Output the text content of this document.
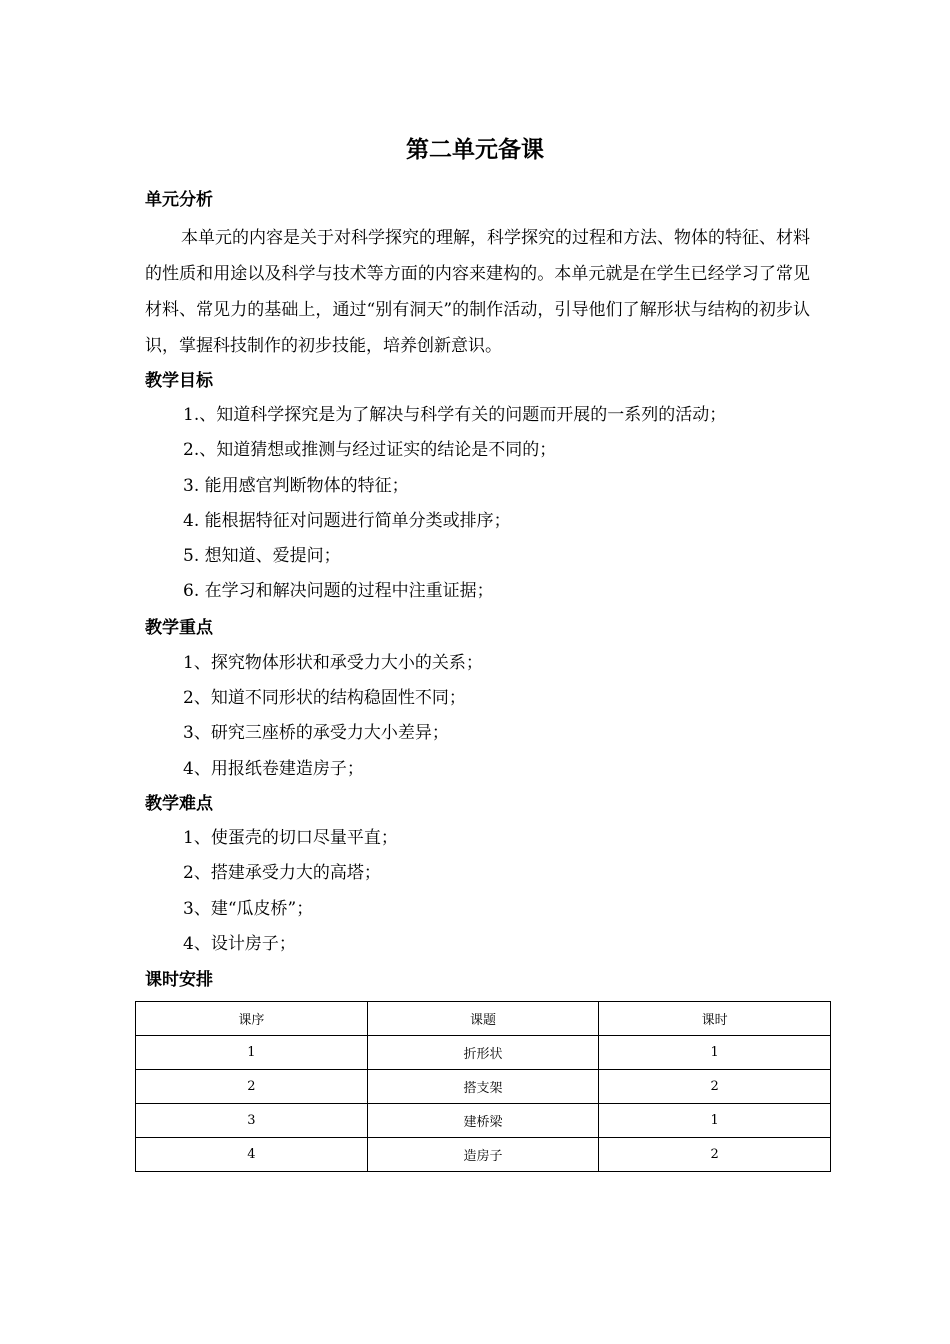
第二单元备课
单元分析
本单元的内容是关于对科学探究的理解，科学探究的过程和方法、物体的特征、材料的性质和用途以及科学与技术等方面的内容来建构的。本单元就是在学生已经学习了常见材料、常见力的基础上，通过“别有洞天”的制作活动，引导他们了解形状与结构的初步认识，掌握科技制作的初步技能，培养创新意识。
教学目标
1.、知道科学探究是为了解决与科学有关的问题而开展的一系列的活动；
2.、知道猜想或推测与经过证实的结论是不同的；
3. 能用感官判断物体的特征；
4. 能根据特征对问题进行简单分类或排序；
5. 想知道、爱提问；
6. 在学习和解决问题的过程中注重证据；
教学重点
1、探究物体形状和承受力大小的关系；
2、知道不同形状的结构稳固性不同；
3、研究三座桥的承受力大小差异；
4、用报纸卷建造房子；
教学难点
1、使蛋壳的切口尽量平直；
2、搭建承受力大的高塔；
3、建“瓜皮桥”；
4、设计房子；
课时安排
课序	课题	课时
1	折形状	1
2	搭支架	2
3	建桥梁	1
4	造房子	2
